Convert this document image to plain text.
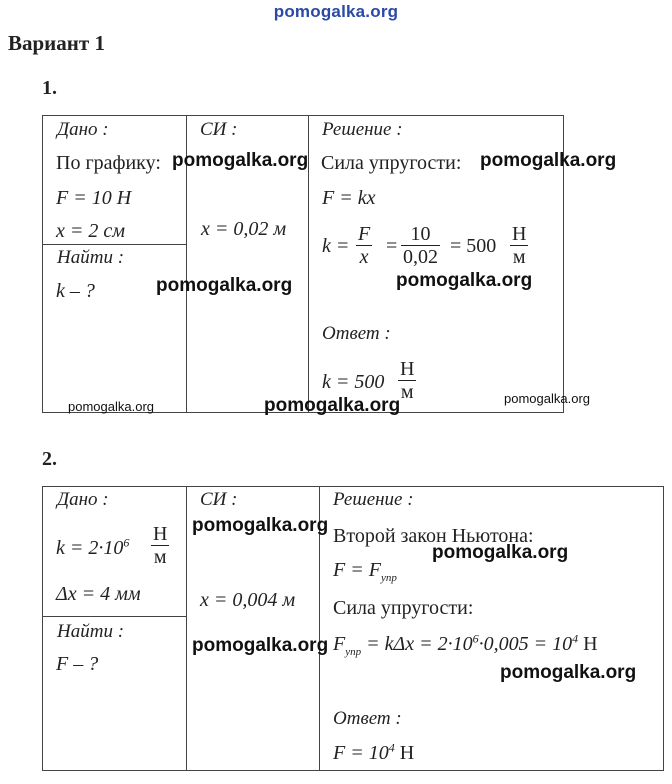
pomogalka.org
Вариант 1
1.
Дано :
По графику:
F = 10 Н
x = 2 см
Найти :
k – ?
СИ :
x = 0,02 м
Решение :
Сила упругости:
F = kx
k =
F
x
=
10
0,02
= 500
Н
м
Ответ :
k = 500
Н
м
pomogalka.org	pomogalka.org
pomogalka.org	pomogalka.org
pomogalka.org	pomogalka.org	pomogalka.org
2.
Дано :
$k = 2\cdot 10^6$ Н
м
Δx = 4 мм
Найти :
F – ?
СИ :
x = 0,004 м
Решение :
Второй закон Ньютона:
$F = F_{упр}$
Сила упругости:
$F_{упр} = k\Delta x = 2\cdot 10^6\cdot 0,005 = 10^4$ Н
Ответ :
$F = 10^4$ Н
pomogalka.org
pomogalka.org
pomogalka.org
pomogalka.org
